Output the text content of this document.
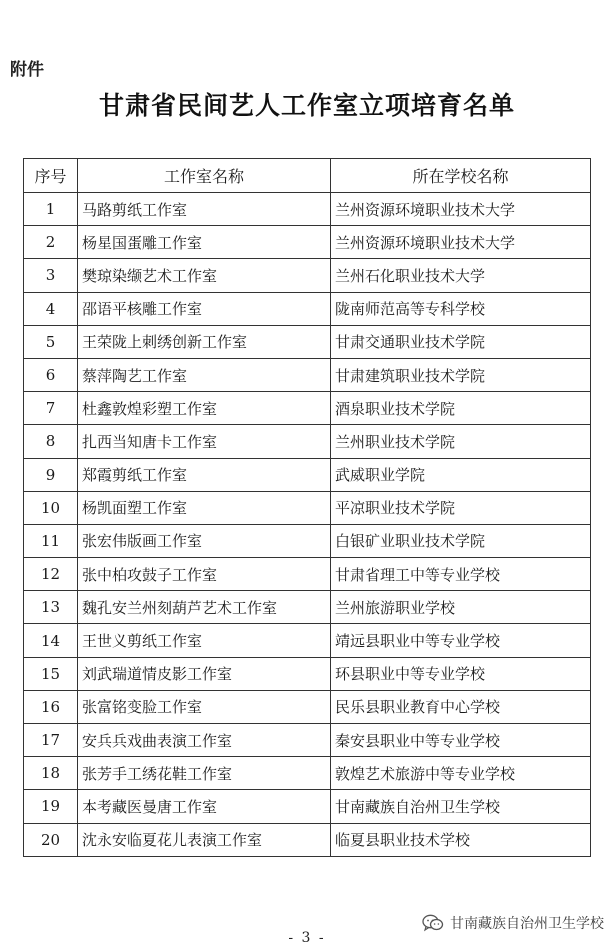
附件
甘肃省民间艺人工作室立项培育名单
序号	工作室名称	所在学校名称
1	马路剪纸工作室	兰州资源环境职业技术大学
2	杨星国蛋雕工作室	兰州资源环境职业技术大学
3	樊琼染缬艺术工作室	兰州石化职业技术大学
4	邵语平核雕工作室	陇南师范高等专科学校
5	王荣陇上刺绣创新工作室	甘肃交通职业技术学院
6	蔡萍陶艺工作室	甘肃建筑职业技术学院
7	杜鑫敦煌彩塑工作室	酒泉职业技术学院
8	扎西当知唐卡工作室	兰州职业技术学院
9	郑霞剪纸工作室	武威职业学院
10	杨凯面塑工作室	平凉职业技术学院
11	张宏伟版画工作室	白银矿业职业技术学院
12	张中柏攻鼓子工作室	甘肃省理工中等专业学校
13	魏孔安兰州刻葫芦艺术工作室	兰州旅游职业学校
14	王世义剪纸工作室	靖远县职业中等专业学校
15	刘武瑞道情皮影工作室	环县职业中等专业学校
16	张富铭变脸工作室	民乐县职业教育中心学校
17	安兵兵戏曲表演工作室	秦安县职业中等专业学校
18	张芳手工绣花鞋工作室	敦煌艺术旅游中等专业学校
19	本考藏医曼唐工作室	甘南藏族自治州卫生学校
20	沈永安临夏花儿表演工作室	临夏县职业技术学校
甘南藏族自治州卫生学校
- 3 -
